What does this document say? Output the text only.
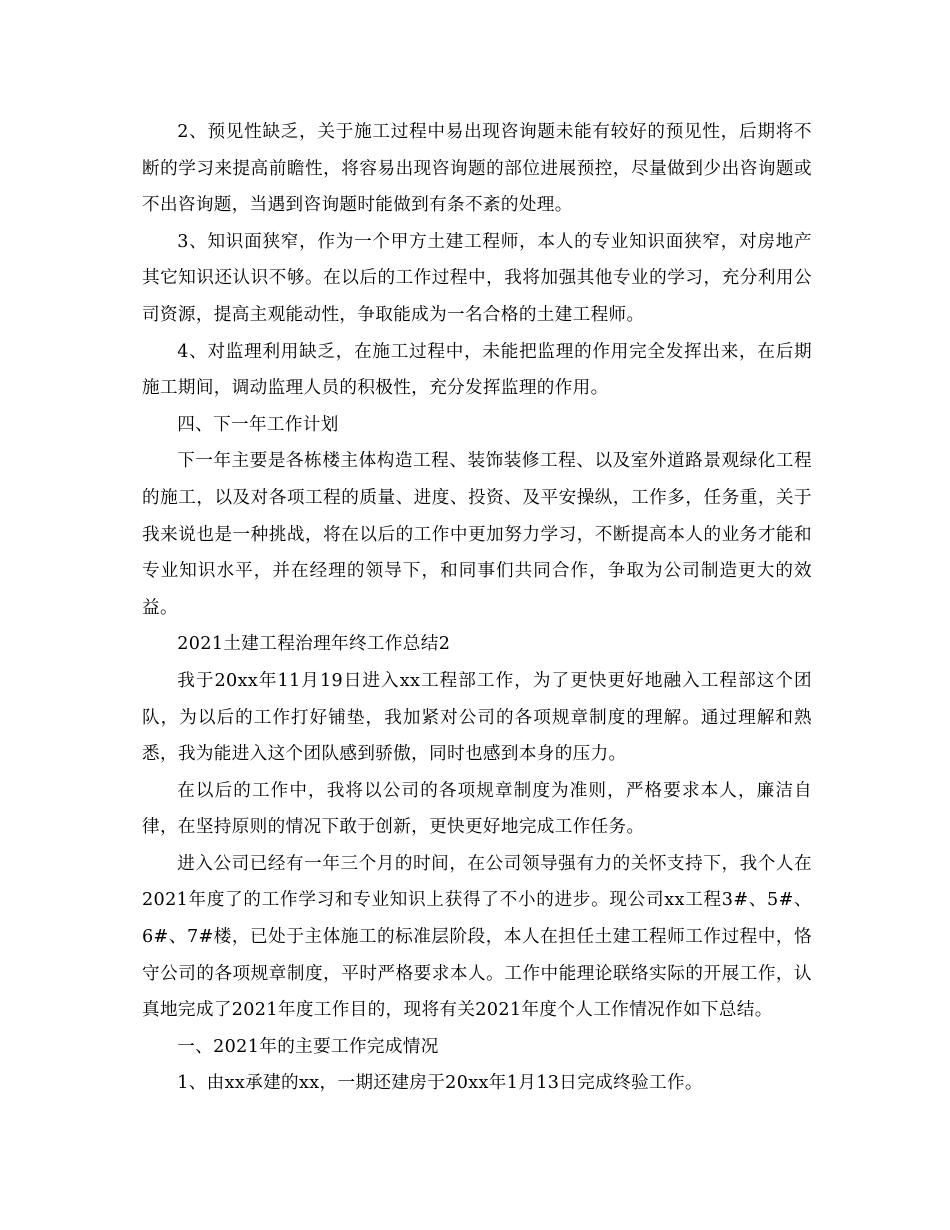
2、预见性缺乏，关于施工过程中易出现咨询题未能有较好的预见性，后期将不断的学习来提高前瞻性，将容易出现咨询题的部位进展预控，尽量做到少出咨询题或不出咨询题，当遇到咨询题时能做到有条不紊的处理。

3、知识面狭窄，作为一个甲方土建工程师，本人的专业知识面狭窄，对房地产其它知识还认识不够。在以后的工作过程中，我将加强其他专业的学习，充分利用公司资源，提高主观能动性，争取能成为一名合格的土建工程师。

4、对监理利用缺乏，在施工过程中，未能把监理的作用完全发挥出来，在后期施工期间，调动监理人员的积极性，充分发挥监理的作用。

四、下一年工作计划

下一年主要是各栋楼主体构造工程、装饰装修工程、以及室外道路景观绿化工程的施工，以及对各项工程的质量、进度、投资、及平安操纵，工作多，任务重，关于我来说也是一种挑战，将在以后的工作中更加努力学习，不断提高本人的业务才能和专业知识水平，并在经理的领导下，和同事们共同合作，争取为公司制造更大的效益。

2021土建工程治理年终工作总结2

我于20xx年11月19日进入xx工程部工作，为了更快更好地融入工程部这个团队，为以后的工作打好铺垫，我加紧对公司的各项规章制度的理解。通过理解和熟悉，我为能进入这个团队感到骄傲，同时也感到本身的压力。

在以后的工作中，我将以公司的各项规章制度为准则，严格要求本人，廉洁自律，在坚持原则的情况下敢于创新，更快更好地完成工作任务。

进入公司已经有一年三个月的时间，在公司领导强有力的关怀支持下，我个人在2021年度了的工作学习和专业知识上获得了不小的进步。现公司xx工程3#、5#、6#、7#楼，已处于主体施工的标准层阶段，本人在担任土建工程师工作过程中，恪守公司的各项规章制度，平时严格要求本人。工作中能理论联络实际的开展工作，认真地完成了2021年度工作目的，现将有关2021年度个人工作情况作如下总结。

一、2021年的主要工作完成情况

1、由xx承建的xx，一期还建房于20xx年1月13日完成终验工作。
